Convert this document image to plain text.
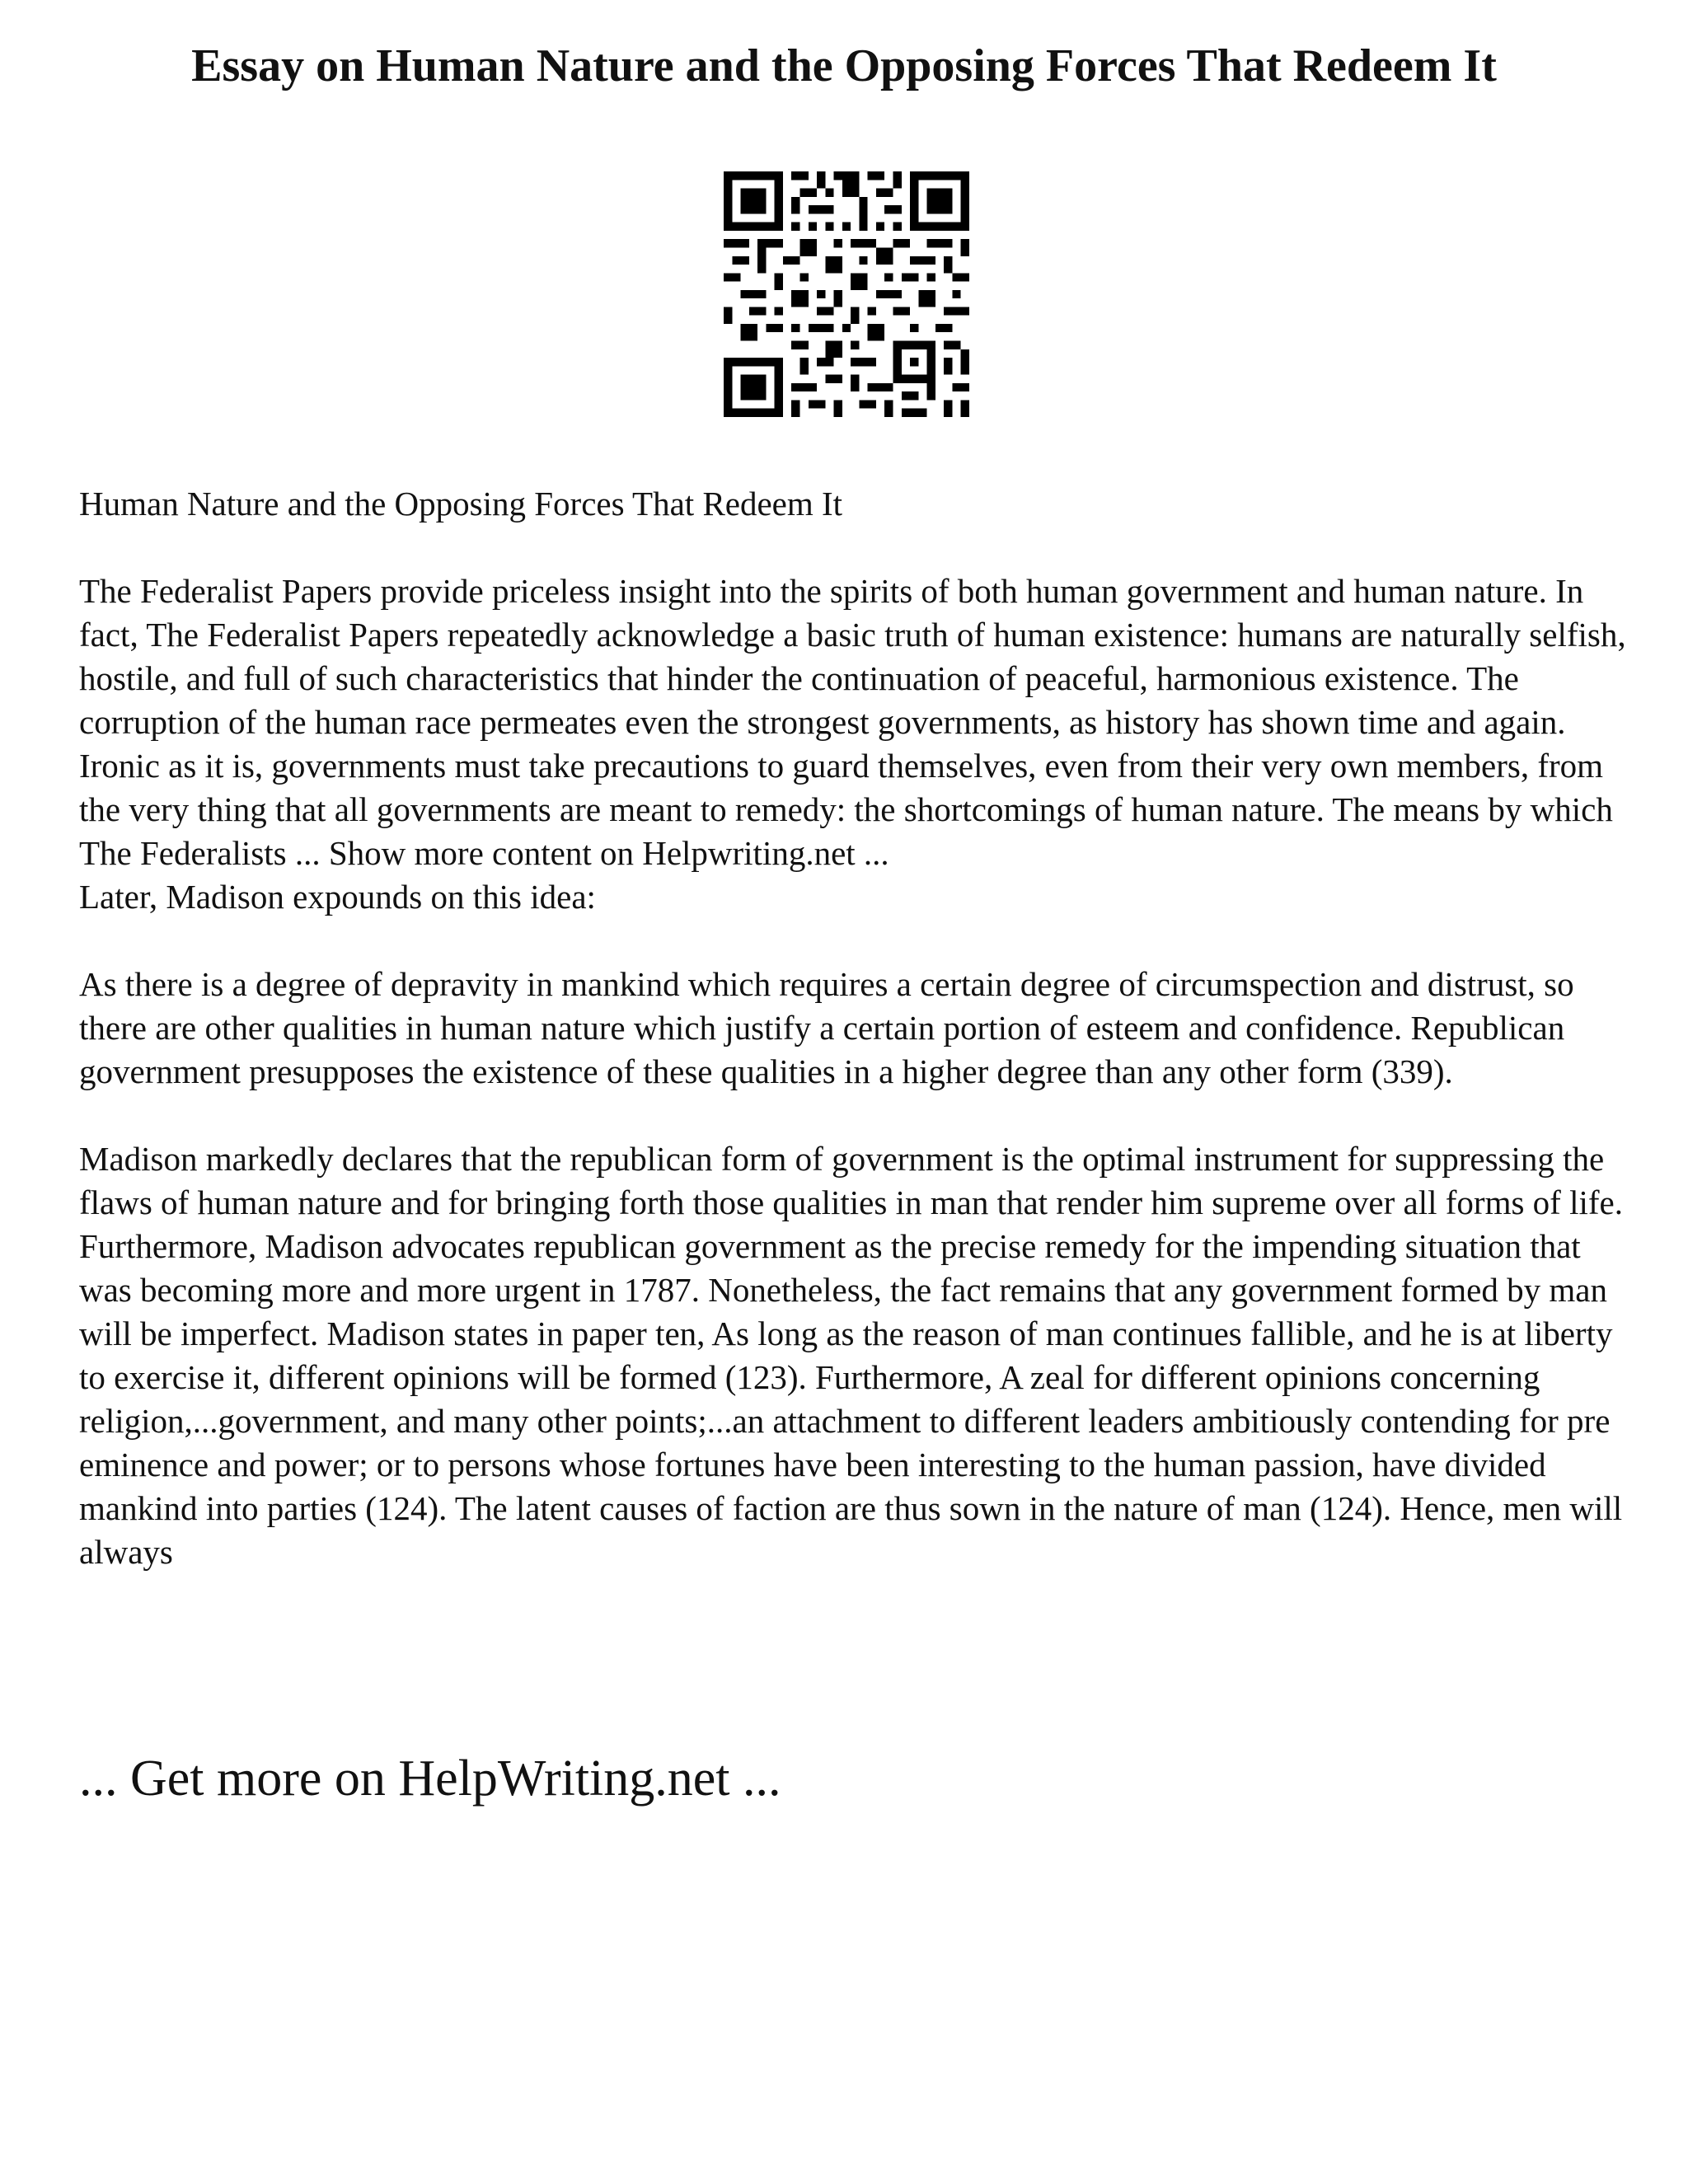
Essay on Human Nature and the Opposing Forces That Redeem It

Human Nature and the Opposing Forces That Redeem It

The Federalist Papers provide priceless insight into the spirits of both human government and human nature. In fact, The Federalist Papers repeatedly acknowledge a basic truth of human existence: humans are naturally selfish, hostile, and full of such characteristics that hinder the continuation of peaceful, harmonious existence. The corruption of the human race permeates even the strongest governments, as history has shown time and again. Ironic as it is, governments must take precautions to guard themselves, even from their very own members, from the very thing that all governments are meant to remedy: the shortcomings of human nature. The means by which The Federalists ... Show more content on Helpwriting.net ...

Later, Madison expounds on this idea:

As there is a degree of depravity in mankind which requires a certain degree of circumspection and distrust, so there are other qualities in human nature which justify a certain portion of esteem and confidence. Republican government presupposes the existence of these qualities in a higher degree than any other form (339).

Madison markedly declares that the republican form of government is the optimal instrument for suppressing the flaws of human nature and for bringing forth those qualities in man that render him supreme over all forms of life. Furthermore, Madison advocates republican government as the precise remedy for the impending situation that was becoming more and more urgent in 1787. Nonetheless, the fact remains that any government formed by man will be imperfect. Madison states in paper ten, As long as the reason of man continues fallible, and he is at liberty to exercise it, different opinions will be formed (123). Furthermore, A zeal for different opinions concerning religion,...government, and many other points;...an attachment to different leaders ambitiously contending for pre eminence and power; or to persons whose fortunes have been interesting to the human passion, have divided mankind into parties (124). The latent causes of faction are thus sown in the nature of man (124). Hence, men will always

... Get more on HelpWriting.net ...
